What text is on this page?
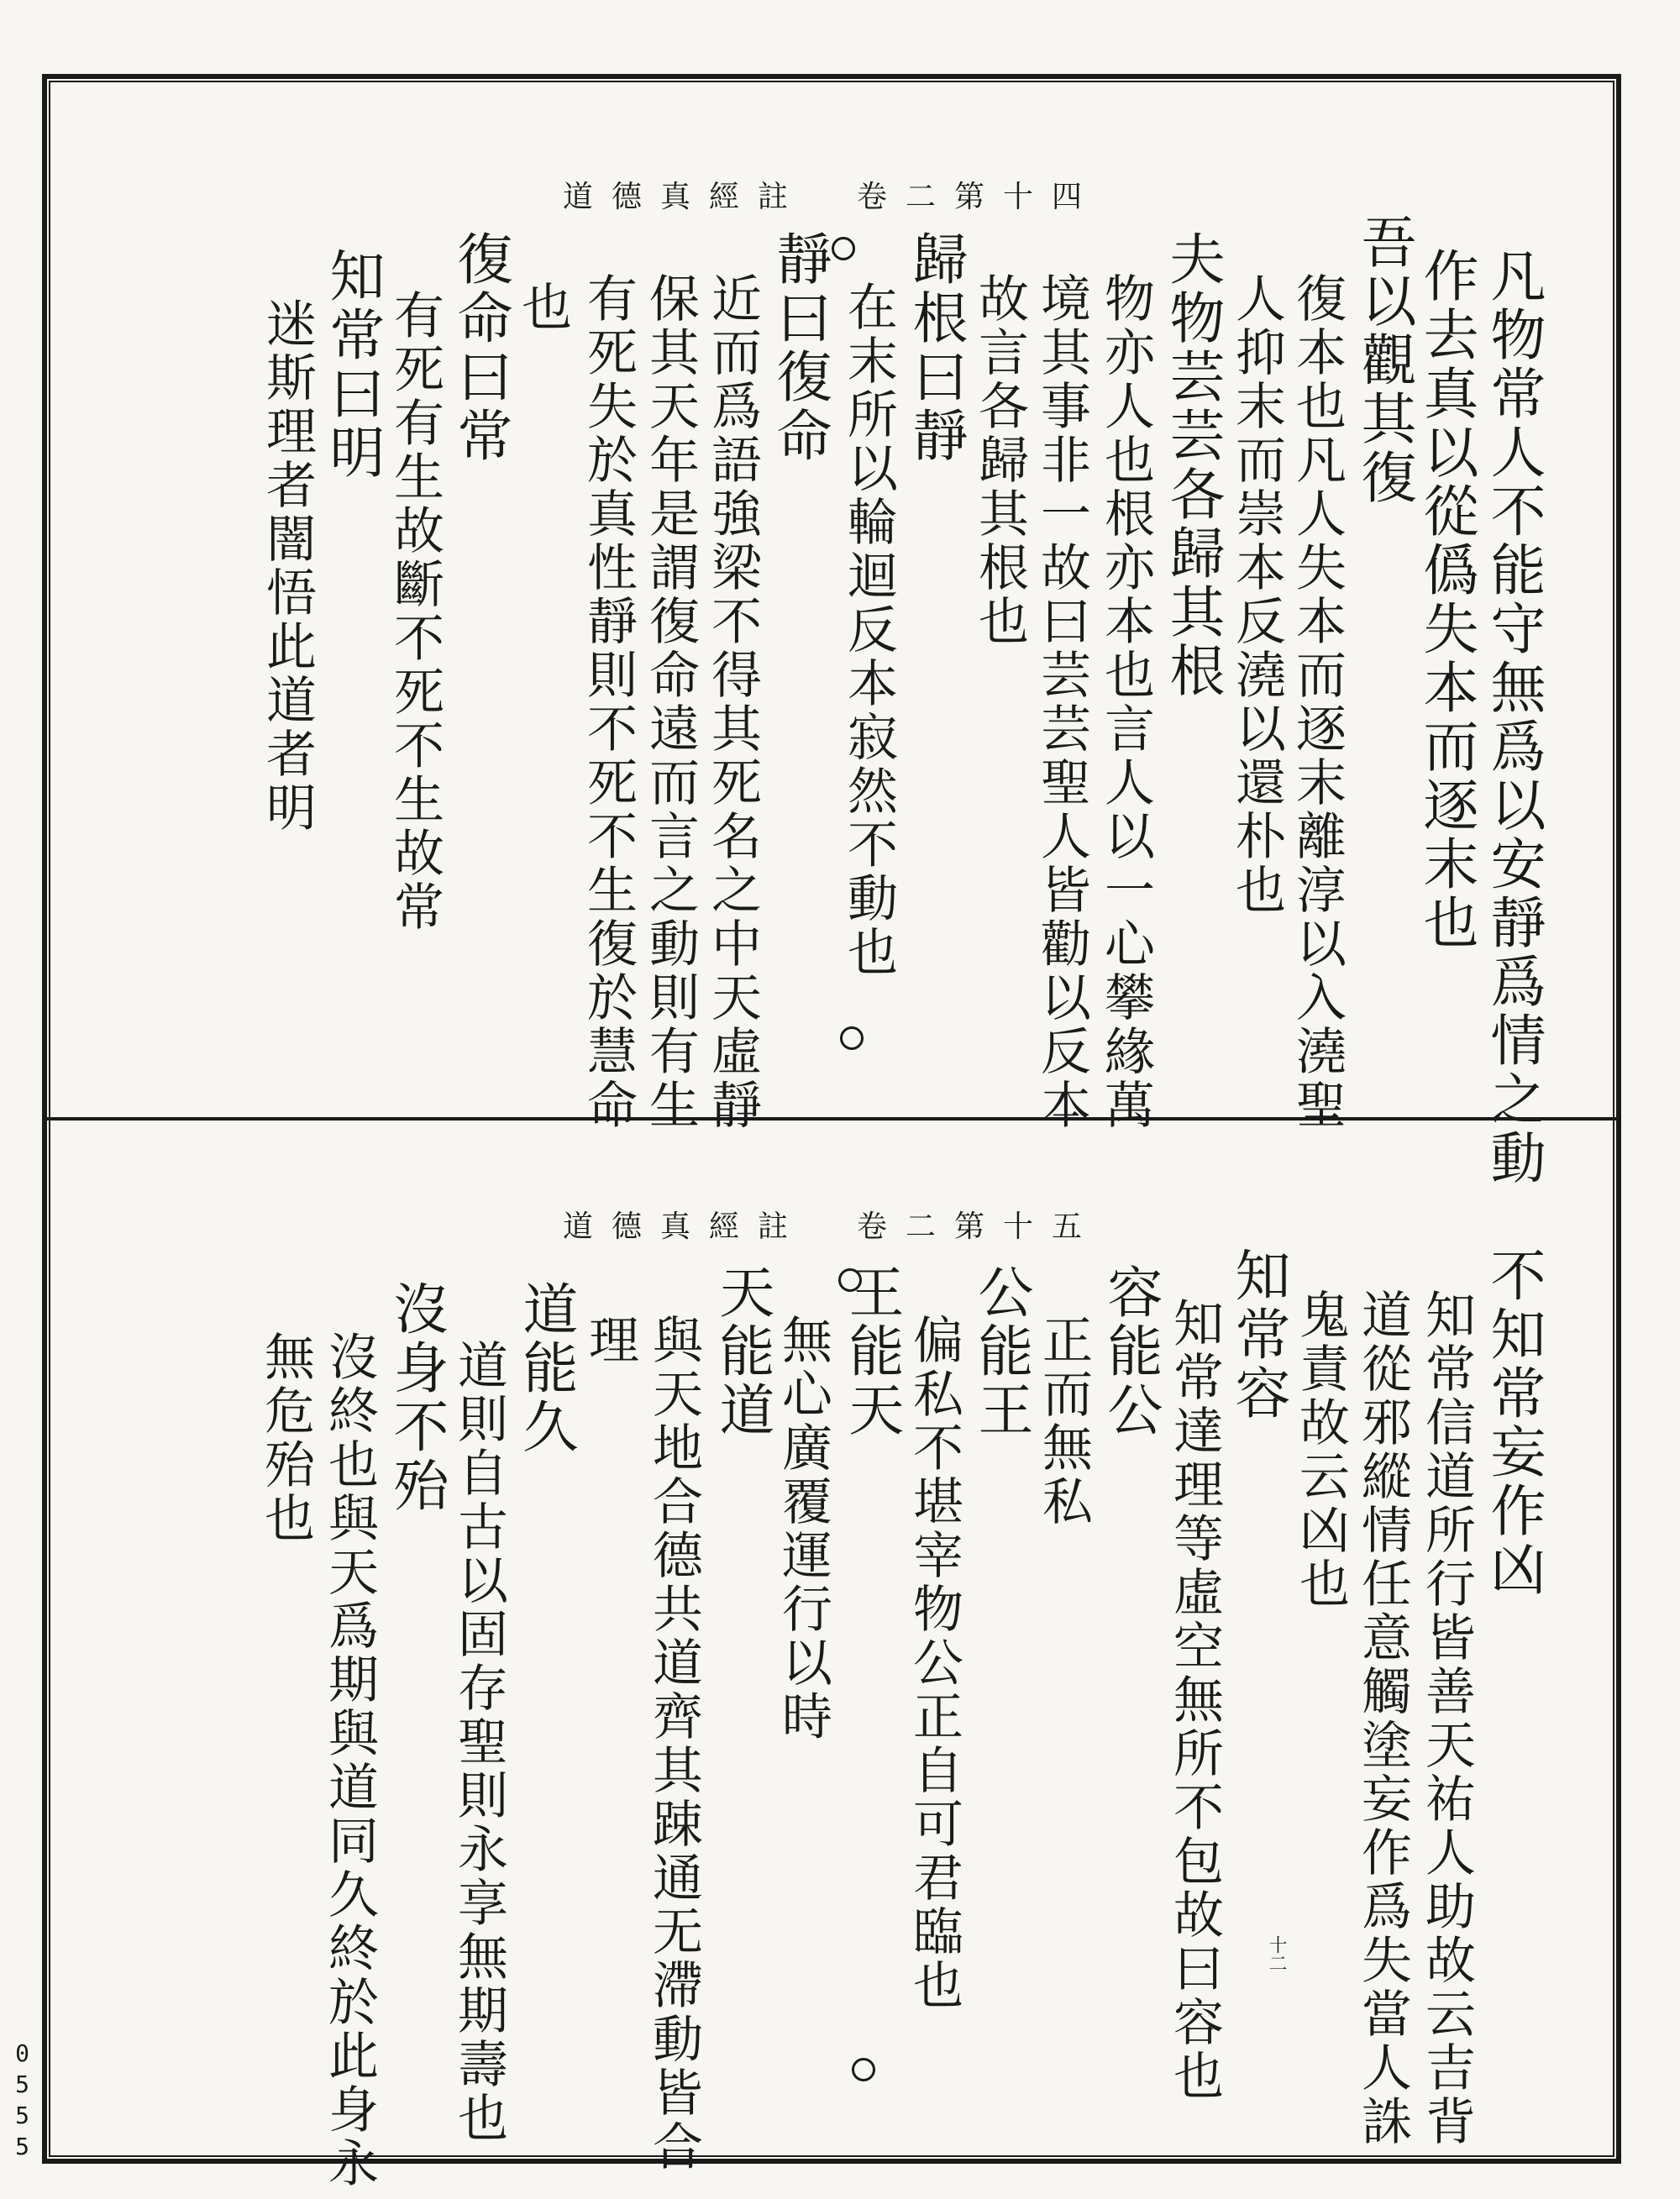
道德真經註 卷二第十四
凡物常人不能守無爲以安靜爲情之動
作去真以從僞失本而逐末也
吾以觀其復
復本也凡人失本而逐末離淳以入澆聖
人抑末而崇本反澆以還朴也
夫物芸芸各歸其根
物亦人也根亦本也言人以一心攀緣萬
境其事非一故曰芸芸聖人皆勸以反本
故言各歸其根也
歸根曰靜
在末所以輪迴反本寂然不動也
靜曰復命
近而爲語強梁不得其死名之中天虛靜
保其天年是謂復命遠而言之動則有生
有死失於真性靜則不死不生復於慧命
也
復命曰常
有死有生故斷不死不生故常
知常曰明
迷斯理者闇悟此道者明
道德真經註 卷二第十五
不知常妄作凶
知常信道所行皆善天祐人助故云吉背
道從邪縱情任意觸塗妄作爲失當人誅
鬼責故云凶也
知常容
知常達理等虛空無所不包故曰容也
容能公
正而無私
公能王
偏私不堪宰物公正自可君臨也
王能天
無心廣覆運行以時
天能道
與天地合德共道齊其踈通无滯動皆合
理
道能久
道則自古以固存聖則永享無期壽也
沒身不殆
沒終也與天爲期與道同久終於此身永
無危殆也
十二
0555
